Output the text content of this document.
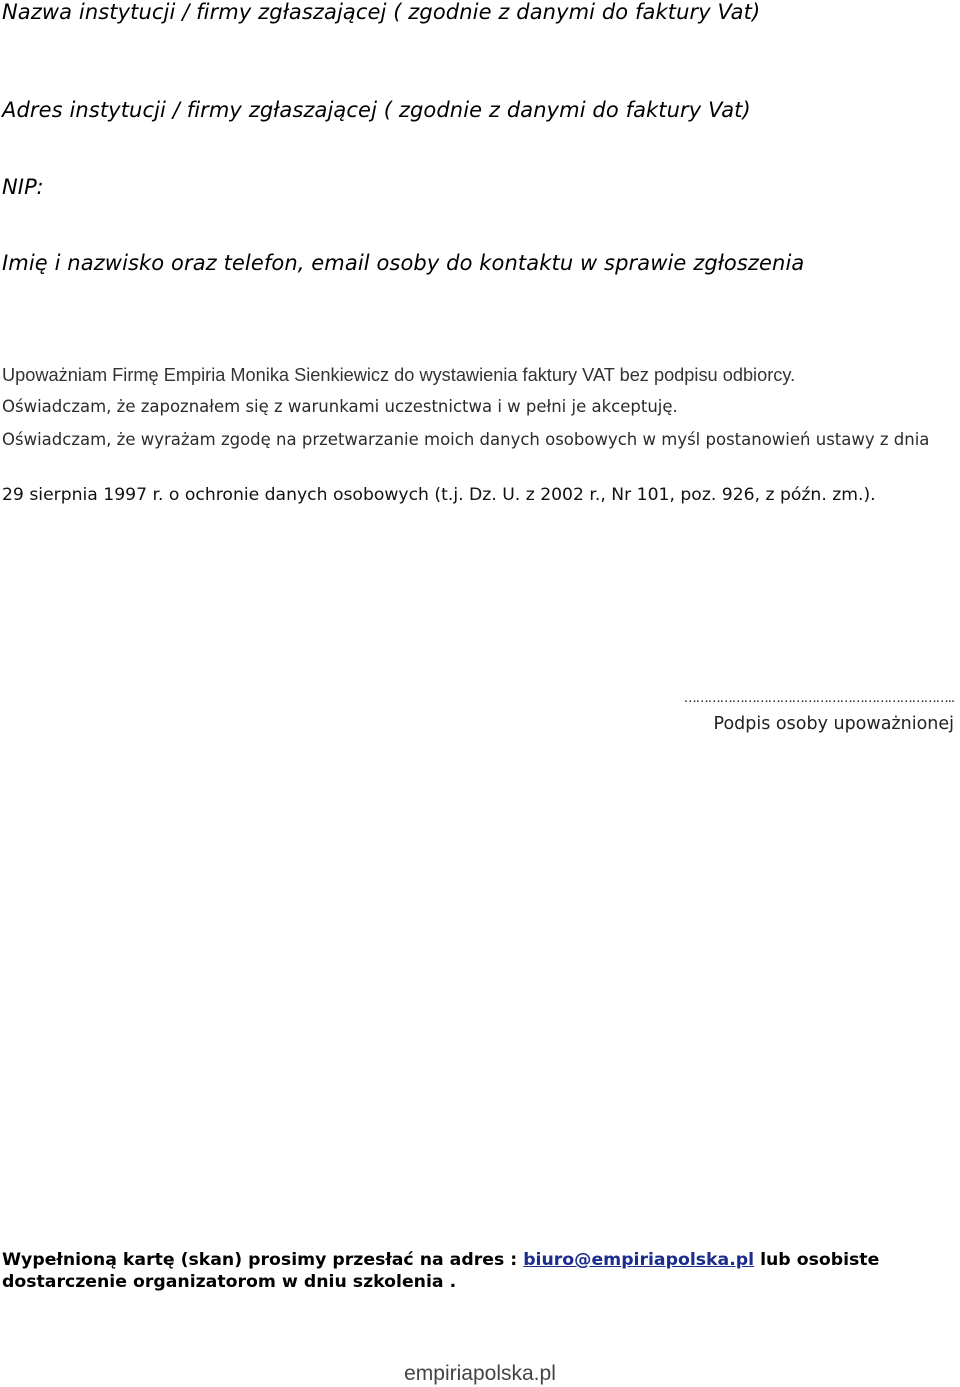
Nazwa instytucji / firmy zgłaszającej ( zgodnie z danymi do faktury Vat)
Adres instytucji / firmy zgłaszającej ( zgodnie z danymi do faktury Vat)
NIP:
Imię i nazwisko oraz telefon, email osoby do kontaktu w sprawie zgłoszenia

Upoważniam Firmę Empiria Monika Sienkiewicz do wystawienia faktury VAT bez podpisu odbiorcy.

Oświadczam, że zapoznałem się z warunkami uczestnictwa i w pełni je akceptuję.

Oświadczam, że wyrażam zgodę na przetwarzanie moich danych osobowych w myśl postanowień ustawy z dnia

29 sierpnia 1997 r. o ochronie danych osobowych (t.j. Dz. U. z 2002 r., Nr 101, poz. 926, z późn. zm.).

…………………………………………………………..
Podpis osoby upoważnionej

Wypełnioną kartę (skan) prosimy przesłać na adres : biuro@empiriapolska.pl lub osobiste dostarczenie organizatorom w dniu szkolenia .

empiriapolska.pl
